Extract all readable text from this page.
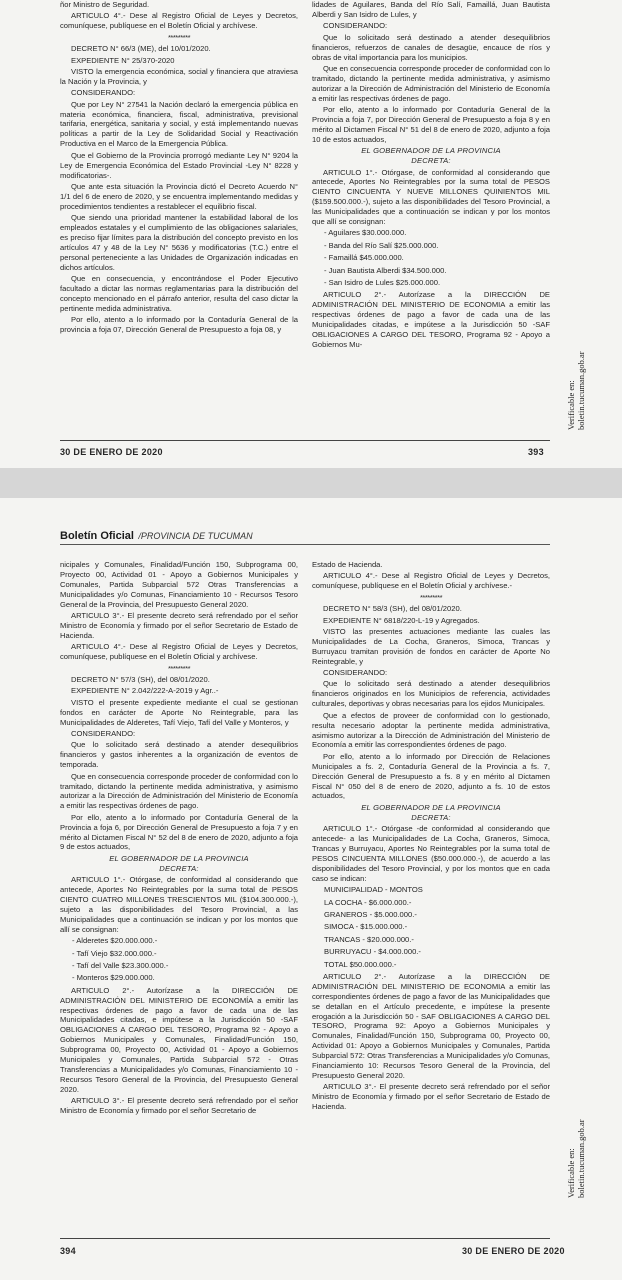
ñor Ministro de Seguridad.

ARTICULO 4°.- Dese al Registro Oficial de Leyes y Decretos, comuníquese, publíquese en el Boletín Oficial y archívese.

*********

DECRETO N° 66/3 (ME), del 10/01/2020.

EXPEDIENTE N° 25/370-2020

VISTO la emergencia económica, social y financiera que atraviesa la Nación y la Provincia, y

CONSIDERANDO:

Que por Ley N° 27541 la Nación declaró la emergencia pública en materia económica, financiera, fiscal, administrativa, previsional tarifaria, energética, sanitaria y social, y está implementando nuevas políticas a partir de la Ley de Solidaridad Social y Reactivación Productiva en el Marco de la Emergencia Pública.

Que el Gobierno de la Provincia prorrogó mediante Ley N° 9204 la Ley de Emergencia Económica del Estado Provincial -Ley N° 8228 y modificatorias-.

Que ante esta situación la Provincia dictó el Decreto Acuerdo N° 1/1 del 6 de enero de 2020, y se encuentra implementando medidas y procedimientos tendientes a restablecer el equilibrio fiscal.

Que siendo una prioridad mantener la estabilidad laboral de los empleados estatales y el cumplimiento de las obligaciones salariales, es preciso fijar límites para la distribución del concepto previsto en los artículos 47 y 48 de la Ley N° 5636 y modificatorias (T.C.) entre el personal perteneciente a las Unidades de Organización indicadas en dichos artículos.

Que en consecuencia, y encontrándose el Poder Ejecutivo facultado a dictar las normas reglamentarias para la distribución del concepto mencionado en el párrafo anterior, resulta del caso dictar la pertinente medida administrativa.

Por ello, atento a lo informado por la Contaduría General de la provincia a foja 07, Dirección General de Presupuesto a foja 08, y

lidades de Aguilares, Banda del Río Salí, Famaillá, Juan Bautista Alberdi y San Isidro de Lules, y

CONSIDERANDO:

Que lo solicitado será destinado a atender desequilibrios financieros, refuerzos de canales de desagüe, encauce de ríos y obras de vital importancia para los municipios.

Que en consecuencia corresponde proceder de conformidad con lo tramitado, dictando la pertinente medida administrativa, y asimismo autorizar a la Dirección de Administración del Ministerio de Economía a emitir las respectivas órdenes de pago.

Por ello, atento a lo informado por Contaduría General de la Provincia a foja 7, por Dirección General de Presupuesto a foja 8 y en mérito al Dictamen Fiscal N° 51 del 8 de enero de 2020, adjunto a foja 10 de estos actuados,

EL GOBERNADOR DE LA PROVINCIA
DECRETA:

ARTICULO 1°.- Otórgase, de conformidad al considerando que antecede, Aportes No Reintegrables por la suma total de PESOS CIENTO CINCUENTA Y NUEVE MILLONES QUINIENTOS MIL ($159.500.000.-), sujeto a las disponibilidades del Tesoro Provincial, a las Municipalidades que a continuación se indican y por los montos que allí se consignan:

- Aguilares $30.000.000.

- Banda del Río Salí $25.000.000.

- Famaillá $45.000.000.

- Juan Bautista Alberdi $34.500.000.

- San Isidro de Lules $25.000.000.

ARTICULO 2°.- Autorízase a la DIRECCIÓN DE ADMINISTRACIÓN DEL MINISTERIO DE ECONOMIA a emitir las respectivas órdenes de pago a favor de cada una de las Municipalidades citadas, e impútese a la Jurisdicción 50 -SAF OBLIGACIONES A CARGO DEL TESORO, Programa 92 - Apoyo a Gobiernos Mu-

Verificable en: boletin.tucuman.gob.ar
30 DE ENERO DE 2020	393
Boletín Oficial /PROVINCIA DE TUCUMAN

nicipales y Comunales, Finalidad/Función 150, Subprograma 00, Proyecto 00, Actividad 01 - Apoyo a Gobiernos Municipales y Comunales, Partida Subparcial 572 Otras Transferencias a Municipalidades y/o Comunas, Financiamiento 10 - Recursos Tesoro General de la Provincia, del Presupuesto General 2020.

ARTICULO 3°.- El presente decreto será refrendado por el señor Ministro de Economía y firmado por el señor Secretario de Estado de Hacienda.

ARTICULO 4°.- Dese al Registro Oficial de Leyes y Decretos, comuníquese, publíquese en el Boletín Oficial y archívese.

*********

DECRETO N° 57/3 (SH), del 08/01/2020.

EXPEDIENTE N° 2.042/222-A-2019 y Agr..-

VISTO el presente expediente mediante el cual se gestionan fondos en carácter de Aporte No Reintegrable, para las Municipalidades de Alderetes, Tafí Viejo, Tafí del Valle y Monteros, y

CONSIDERANDO:

Que lo solicitado será destinado a atender desequilibrios financieros y gastos inherentes a la organización de eventos de temporada.

Que en consecuencia corresponde proceder de conformidad con lo tramitado, dictando la pertinente medida administrativa, y asimismo autorizar a la Dirección de Administración del Ministerio de Economía a emitir las respectivas órdenes de pago.

Por ello, atento a lo informado por Contaduría General de la Provincia a foja 6, por Dirección General de Presupuesto a foja 7 y en mérito al Dictamen Fiscal N° 52 del 8 de enero de 2020, adjunto a foja 9 de estos actuados,

EL GOBERNADOR DE LA PROVINCIA
DECRETA:

ARTICULO 1°.- Otórgase, de conformidad al considerando que antecede, Aportes No Reintegrables por la suma total de PESOS CIENTO CUATRO MILLONES TRESCIENTOS MIL ($104.300.000.-), sujeto a las disponibilidades del Tesoro Provincial, a las Municipalidades que a continuación se indican y por los montos que allí se consignan:

- Alderetes $20.000.000.-

- Tafí Viejo $32.000.000.-

- Tafí del Valle $23.300.000.-

- Monteros $29.000.000.

ARTICULO 2°.- Autorízase a la DIRECCIÓN DE ADMINISTRACIÓN DEL MINISTERIO DE ECONOMÍA a emitir las respectivas órdenes de pago a favor de cada una de las Municipalidades citadas, e impútese a la Jurisdicción 50 -SAF OBLIGACIONES A CARGO DEL TESORO, Programa 92 - Apoyo a Gobiernos Municipales y Comunales, Finalidad/Función 150, Subprograma 00, Proyecto 00, Actividad 01 - Apoyo a Gobiernos Municipales y Comunales, Partida Subparcial 572 - Otras Transferencias a Municipalidades y/o Comunas, Financiamiento 10 - Recursos Tesoro General de la Provincia, del Presupuesto General 2020.

ARTICULO 3°.- El presente decreto será refrendado por el señor Ministro de Economía y firmado por el señor Secretario de

Estado de Hacienda.

ARTICULO 4°.- Dese al Registro Oficial de Leyes y Decretos, comuníquese, publíquese en el Boletín Oficial y archívese.-

*********

DECRETO N° 58/3 (SH), del 08/01/2020.

EXPEDIENTE N° 6818/220-L-19 y Agregados.

VISTO las presentes actuaciones mediante las cuales las Municipalidades de La Cocha, Graneros, Simoca, Trancas y Burruyacu tramitan provisión de fondos en carácter de Aporte No Reintegrable, y

CONSIDERANDO:

Que lo solicitado será destinado a atender desequilibrios financieros originados en los Municipios de referencia, actividades culturales, deportivas y obras necesarias para los ejidos Municipales.

Que a efectos de proveer de conformidad con lo gestionado, resulta necesario adoptar la pertinente medida administrativa, asimismo autorizar a la Dirección de Administración del Ministerio de Economía a emitir las correspondientes órdenes de pago.

Por ello, atento a lo informado por Dirección de Relaciones Municipales a fs. 2, Contaduría General de la Provincia a fs. 7, Dirección General de Presupuesto a fs. 8 y en mérito al Dictamen Fiscal N° 050 del 8 de enero de 2020, adjunto a fs. 10 de estos actuados,

EL GOBERNADOR DE LA PROVINCIA
DECRETA:

ARTICULO 1°.- Otórgase -de conformidad al considerando que antecede- a las Municipalidades de La Cocha, Graneros, Simoca, Trancas y Burruyacu, Aportes No Reintegrables por la suma total de PESOS CINCUENTA MILLONES ($50.000.000.-), de acuerdo a las disponibilidades del Tesoro Provincial, y por los montos que en cada caso se indican:

MUNICIPALIDAD - MONTOS

LA COCHA - $6.000.000.-

GRANEROS - $5.000.000.-

SIMOCA - $15.000.000.-

TRANCAS - $20.000.000.-

BURRUYACU - $4.000.000.-

TOTAL $50.000.000.-

ARTICULO 2°.- Autorízase a la DIRECCIÓN DE ADMINISTRACIÓN DEL MINISTERIO DE ECONOMIA a emitir las correspondientes órdenes de pago a favor de las Municipalidades que se detallan en el Artículo precedente, e impútese la presente erogación a la Jurisdicción 50 - SAF OBLIGACIONES A CARGO DEL TESORO, Programa 92: Apoyo a Gobiernos Municipales y Comunales, Finalidad/Función 150, Subprograma 00, Proyecto 00, Actividad 01: Apoyo a Gobiernos Municipales y Comunales, Partida Subparcial 572: Otras Transferencias a Municipalidades y/o Comunas, Financiamiento 10: Recursos Tesoro General de la Provincia, del Presupuesto General 2020.

ARTICULO 3°.- El presente decreto será refrendado por el señor Ministro de Economía y firmado por el señor Secretario de Estado de Hacienda.

Verificable en: boletin.tucuman.gob.ar
394	30 DE ENERO DE 2020
